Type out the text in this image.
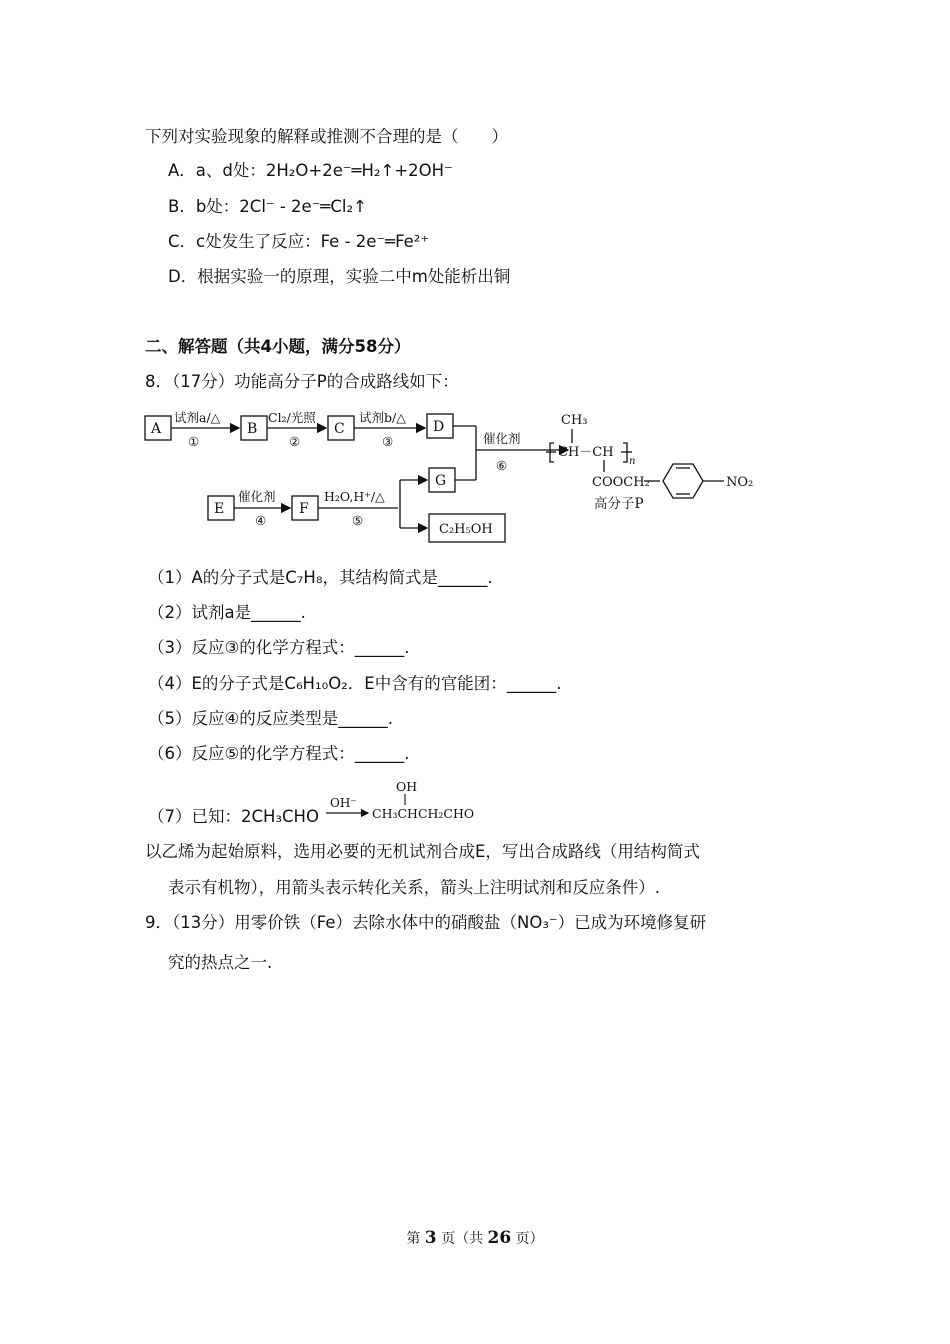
下列对实验现象的解释或推测不合理的是（　　）
A．a、d处：2H₂O+2e⁻═H₂↑+2OH⁻
B．b处：2Cl⁻ - 2e⁻═Cl₂↑
C．c处发生了反应：Fe - 2e⁻═Fe²⁺
D．根据实验一的原理，实验二中m处能析出铜
二、解答题（共4小题，满分58分）
8．（17分）功能高分子P的合成路线如下：
A	B	C	D
E	F
G
C₂H₅OH
试剂a/△
①
Cl₂/光照
②
试剂b/△
③
催化剂
④
H₂O,H⁺/△
⑤
催化剂
⑥
CH₃
CH－CH
n
COOCH₂	NO₂
高分子P
（1）A的分子式是C₇H₈，其结构简式是______.
（2）试剂a是______.
（3）反应③的化学方程式：______.
（4）E的分子式是C₆H₁₀O₂．E中含有的官能团：______.
（5）反应④的反应类型是______.
（6）反应⑤的化学方程式：______.
（7）已知：2CH₃CHO
OH⁻
OH
CH₃CHCH₂CHO
以乙烯为起始原料，选用必要的无机试剂合成E，写出合成路线（用结构简式
表示有机物），用箭头表示转化关系，箭头上注明试剂和反应条件）.
9．（13分）用零价铁（Fe）去除水体中的硝酸盐（NO₃⁻）已成为环境修复研
究的热点之一.
第 3 页（共 26 页）
